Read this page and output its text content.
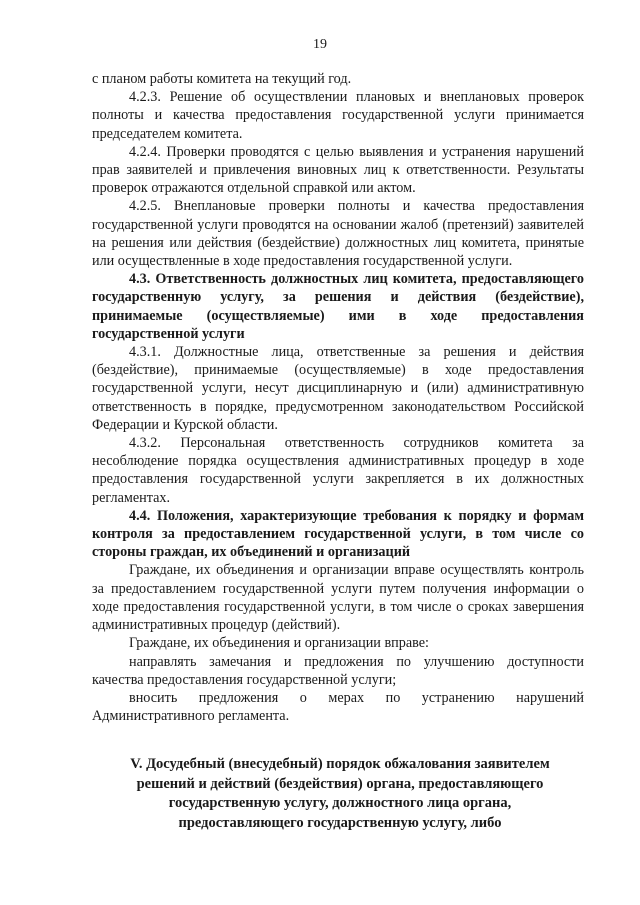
19

с планом работы комитета на текущий год.

4.2.3. Решение об осуществлении плановых и внеплановых проверок полноты и качества предоставления государственной услуги принимается председателем комитета.

4.2.4. Проверки проводятся с целью выявления и устранения нарушений прав заявителей и привлечения виновных лиц к ответственности. Результаты проверок отражаются отдельной справкой или актом.

4.2.5. Внеплановые проверки полноты и качества предоставления государственной услуги проводятся на основании жалоб (претензий) заявителей на решения или действия (бездействие) должностных лиц комитета, принятые или осуществленные в ходе предоставления государственной услуги.

4.3. Ответственность должностных лиц комитета, предоставляющего государственную услугу, за решения и действия (бездействие), принимаемые (осуществляемые) ими в ходе предоставления государственной услуги

4.3.1. Должностные лица, ответственные за решения и действия (бездействие), принимаемые (осуществляемые) в ходе предоставления государственной услуги, несут дисциплинарную и (или) административную ответственность в порядке, предусмотренном законодательством Российской Федерации и Курской области.

4.3.2. Персональная ответственность сотрудников комитета за несоблюдение порядка осуществления административных процедур в ходе предоставления государственной услуги закрепляется в их должностных регламентах.

4.4. Положения, характеризующие требования к порядку и формам контроля за предоставлением государственной услуги, в том числе со стороны граждан, их объединений и организаций

Граждане, их объединения и организации вправе осуществлять контроль за предоставлением государственной услуги путем получения информации о ходе предоставления государственной услуги, в том числе о сроках завершения административных процедур (действий).

Граждане, их объединения и организации вправе:

направлять замечания и предложения по улучшению доступности качества предоставления государственной услуги;

вносить предложения о мерах по устранению нарушений Административного регламента.

V. Досудебный (внесудебный) порядок обжалования заявителем решений и действий (бездействия) органа, предоставляющего государственную услугу, должностного лица органа, предоставляющего государственную услугу, либо
